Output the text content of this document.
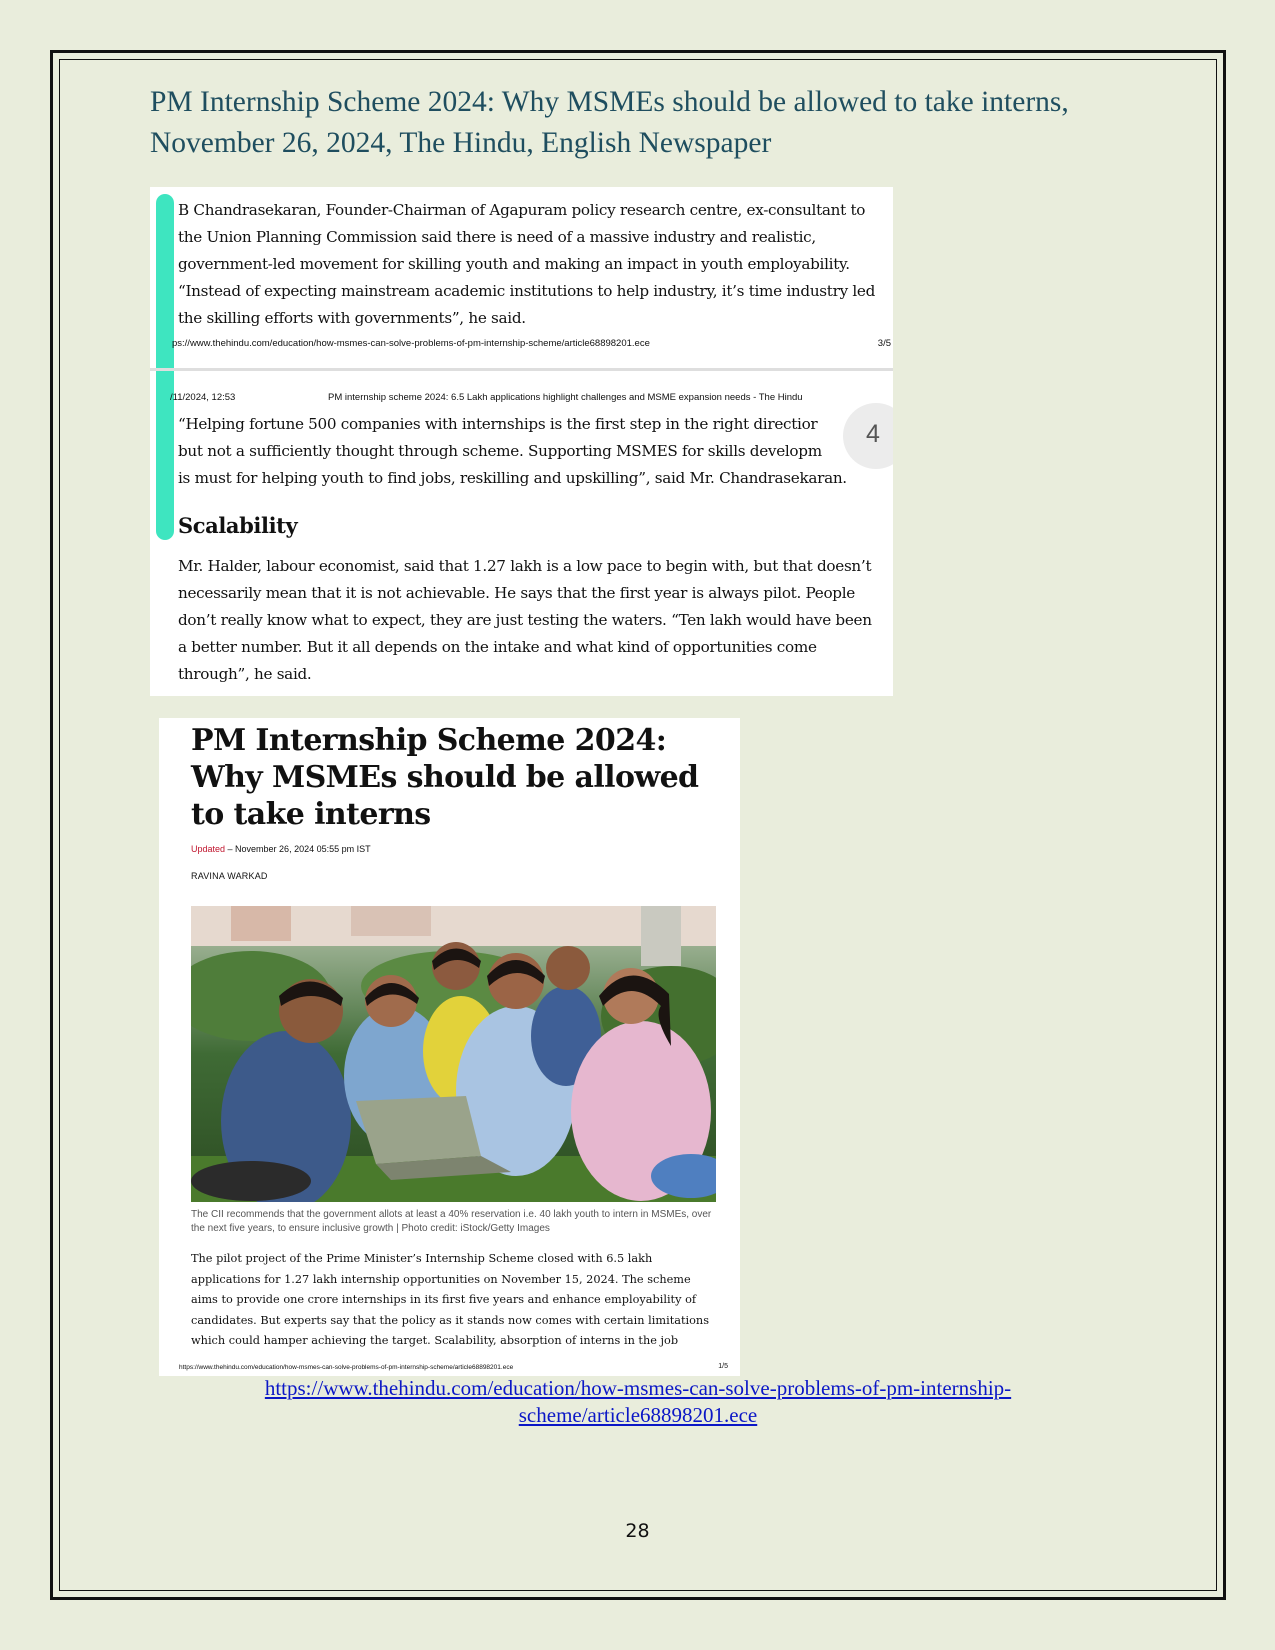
PM Internship Scheme 2024: Why MSMEs should be allowed to take interns, November 26, 2024, The Hindu, English Newspaper

B Chandrasekaran, Founder-Chairman of Agapuram policy research centre, ex-consultant to the Union Planning Commission said there is need of a massive industry and realistic, government-led movement for skilling youth and making an impact in youth employability. “Instead of expecting mainstream academic institutions to help industry, it’s time industry led the skilling efforts with governments”, he said.

ps://www.thehindu.com/education/how-msmes-can-solve-problems-of-pm-internship-scheme/article68898201.ece	3/5
/11/2024, 12:53	PM internship scheme 2024: 6.5 Lakh applications highlight challenges and MSME expansion needs - The Hindu
4
“Helping fortune 500 companies with internships is the first step in the right directior
but not a sufficiently thought through scheme. Supporting MSMES for skills developm
is must for helping youth to find jobs, reskilling and upskilling”, said Mr. Chandrasekaran.
Scalability

Mr. Halder, labour economist, said that 1.27 lakh is a low pace to begin with, but that doesn’t necessarily mean that it is not achievable. He says that the first year is always pilot. People don’t really know what to expect, they are just testing the waters. “Ten lakh would have been a better number. But it all depends on the intake and what kind of opportunities come through”, he said.

PM Internship Scheme 2024: Why MSMEs should be allowed to take interns
Updated – November 26, 2024 05:55 pm IST
RAVINA WARKAD

The CII recommends that the government allots at least a 40% reservation i.e. 40 lakh youth to intern in MSMEs, over the next five years, to ensure inclusive growth | Photo credit: iStock/Getty Images

The pilot project of the Prime Minister’s Internship Scheme closed with 6.5 lakh applications for 1.27 lakh internship opportunities on November 15, 2024. The scheme aims to provide one crore internships in its first five years and enhance employability of candidates. But experts say that the policy as it stands now comes with certain limitations which could hamper achieving the target. Scalability, absorption of interns in the job

https://www.thehindu.com/education/how-msmes-can-solve-problems-of-pm-internship-scheme/article68898201.ece	1/5
https://www.thehindu.com/education/how-msmes-can-solve-problems-of-pm-internship-scheme/article68898201.ece
28
